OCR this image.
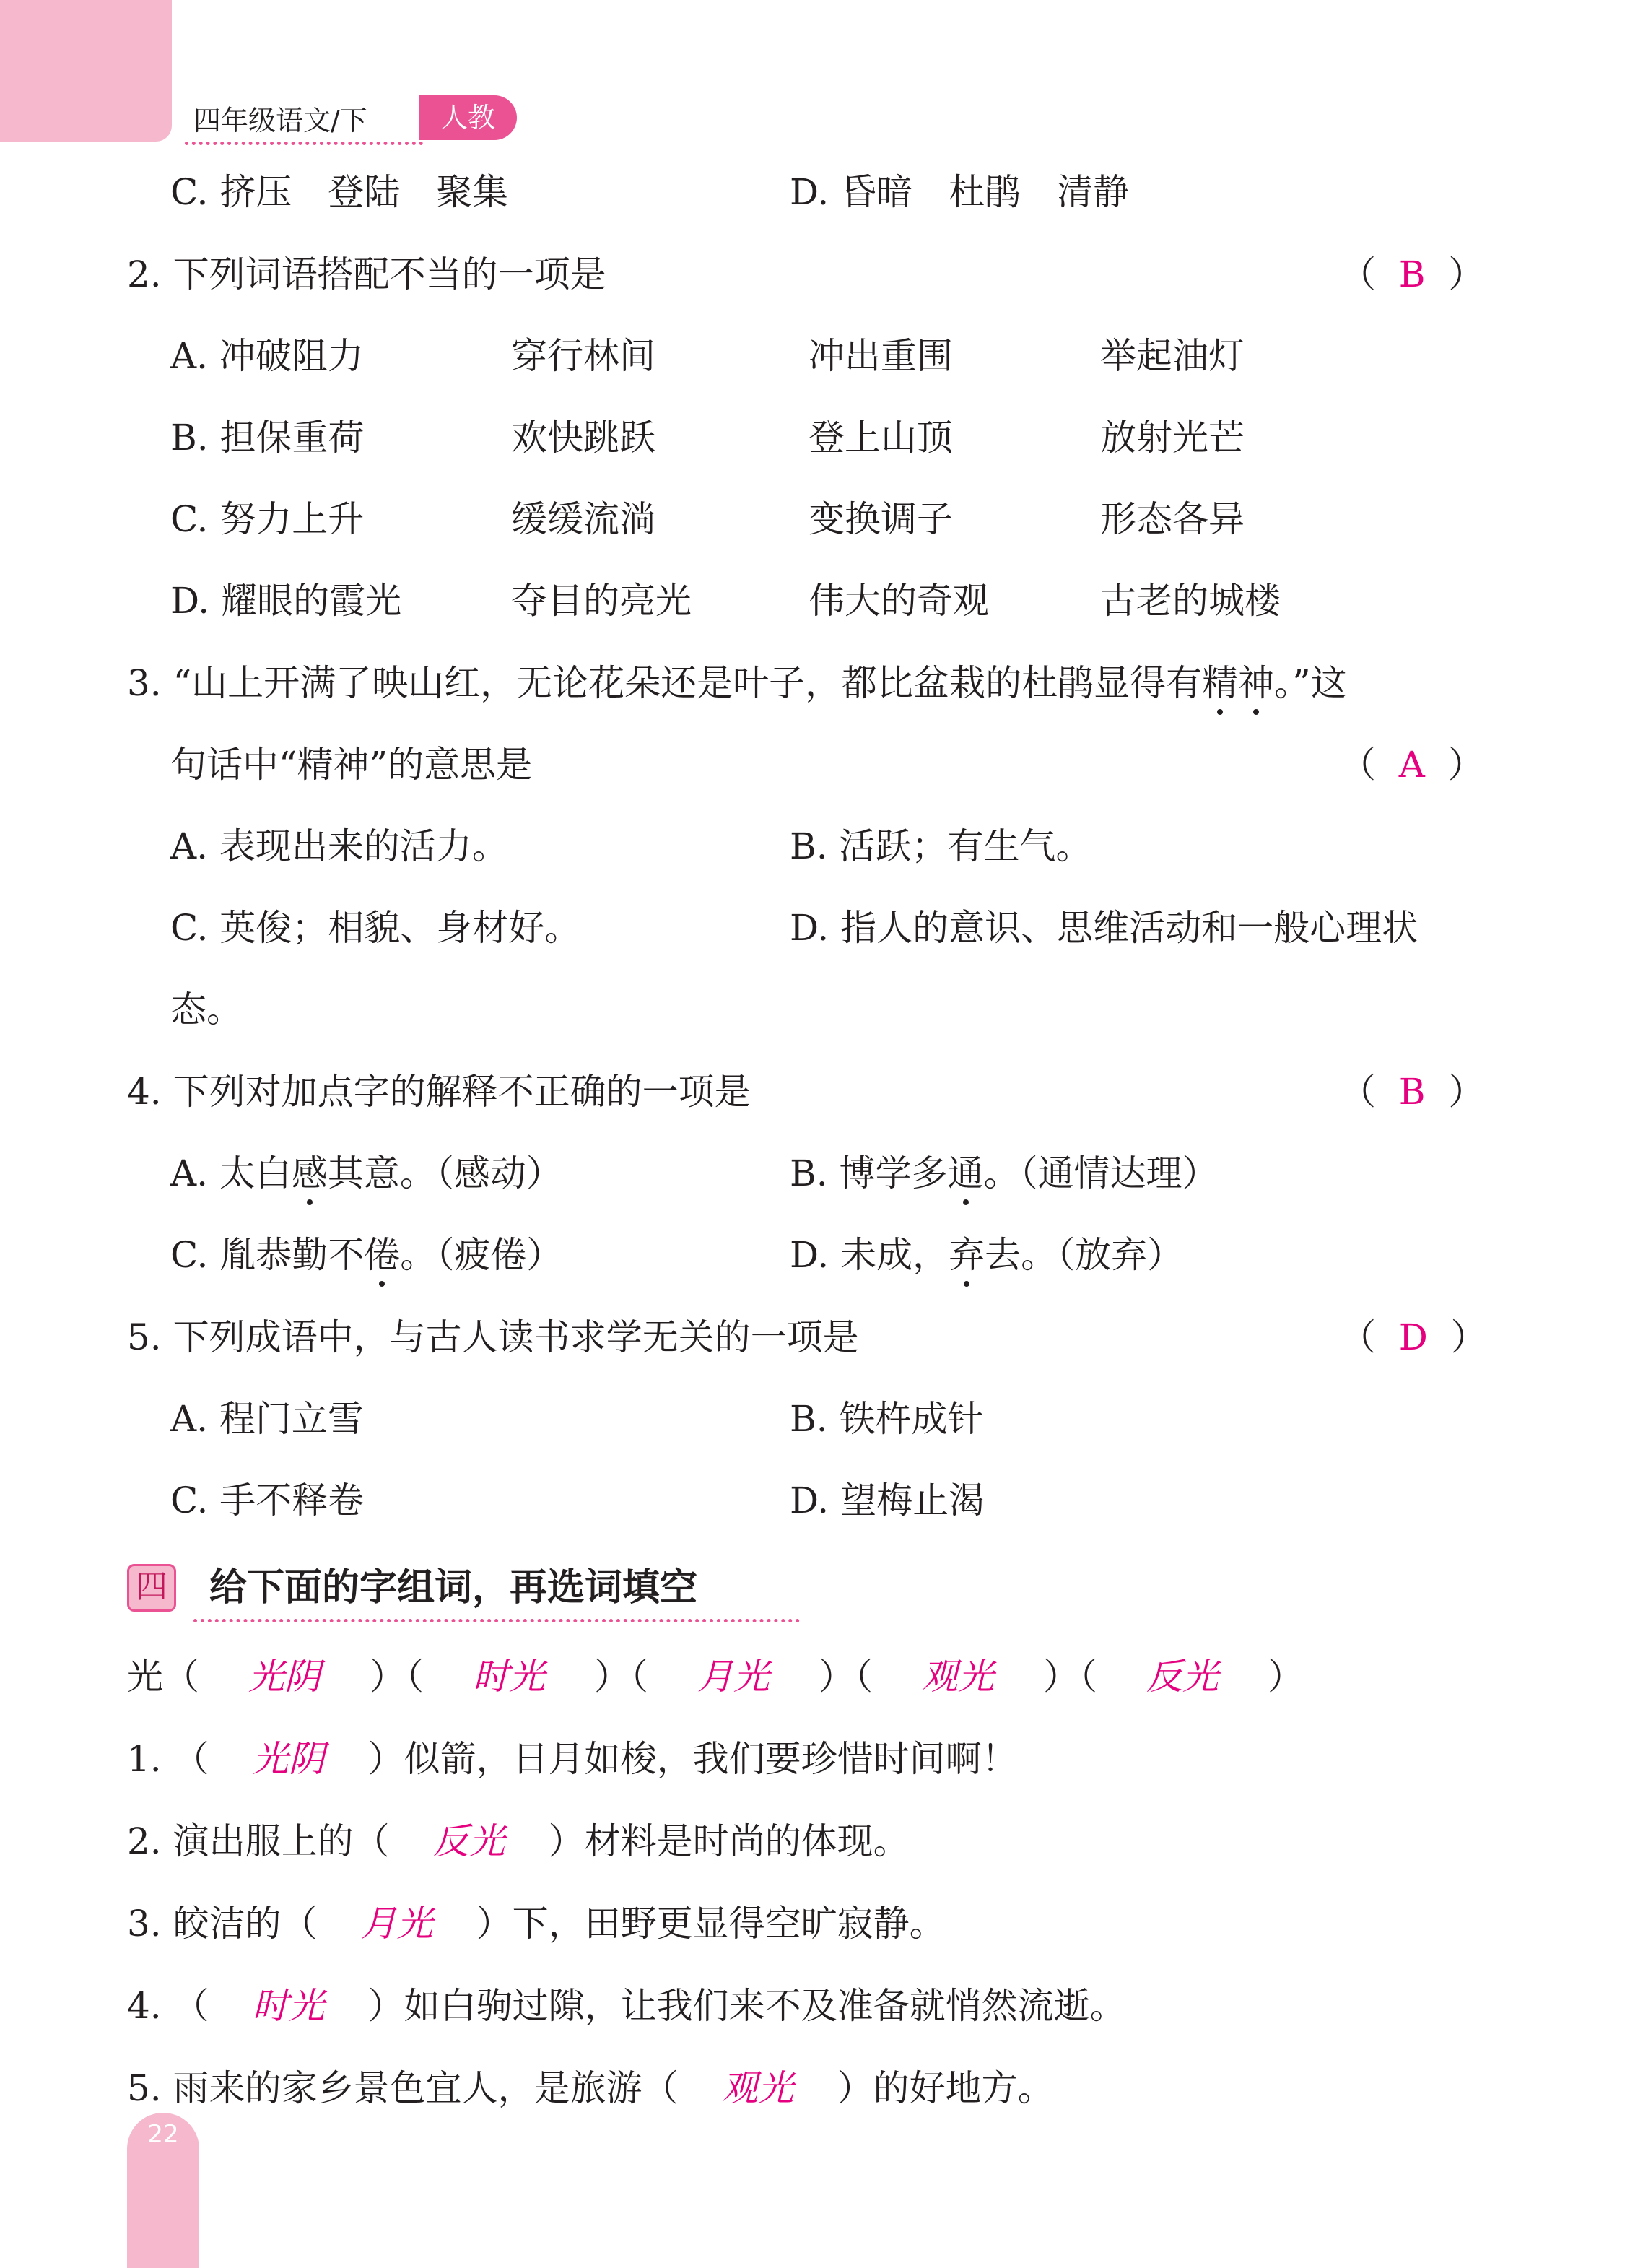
四年级语文/下	人教
C. 挤压　登陆　聚集	D. 昏暗　杜鹃　清静
2. 下列词语搭配不当的一项是	（  B  ）
A. 冲破阻力	穿行林间	冲出重围	举起油灯
B. 担保重荷	欢快跳跃	登上山顶	放射光芒
C. 努力上升	缓缓流淌	变换调子	形态各异
D. 耀眼的霞光	夺目的亮光	伟大的奇观	古老的城楼
3. “山上开满了映山红，无论花朵还是叶子，都比盆栽的杜鹃显得有精神。”这
句话中“精神”的意思是	（  A  ）
A. 表现出来的活力。	B. 活跃；有生气。
C. 英俊；相貌、身材好。	D. 指人的意识、思维活动和一般心理状
态。
4. 下列对加点字的解释不正确的一项是	（  B  ）
A. 太白感其意。（感动）	B. 博学多通。（通情达理）
C. 胤恭勤不倦。（疲倦）	D. 未成，弃去。（放弃）
5. 下列成语中，与古人读书求学无关的一项是	（  D  ）
A. 程门立雪	B. 铁杵成针
C. 手不释卷	D. 望梅止渴
四 给下面的字组词，再选词填空
光（ 光阴 ）（ 时光 ）（ 月光 ）（ 观光 ）（ 反光 ）
1. （ 光阴 ）似箭，日月如梭，我们要珍惜时间啊！
2. 演出服上的（ 反光 ）材料是时尚的体现。
3. 皎洁的（ 月光 ）下，田野更显得空旷寂静。
4. （ 时光 ）如白驹过隙，让我们来不及准备就悄然流逝。
5. 雨来的家乡景色宜人，是旅游（ 观光 ）的好地方。
22
